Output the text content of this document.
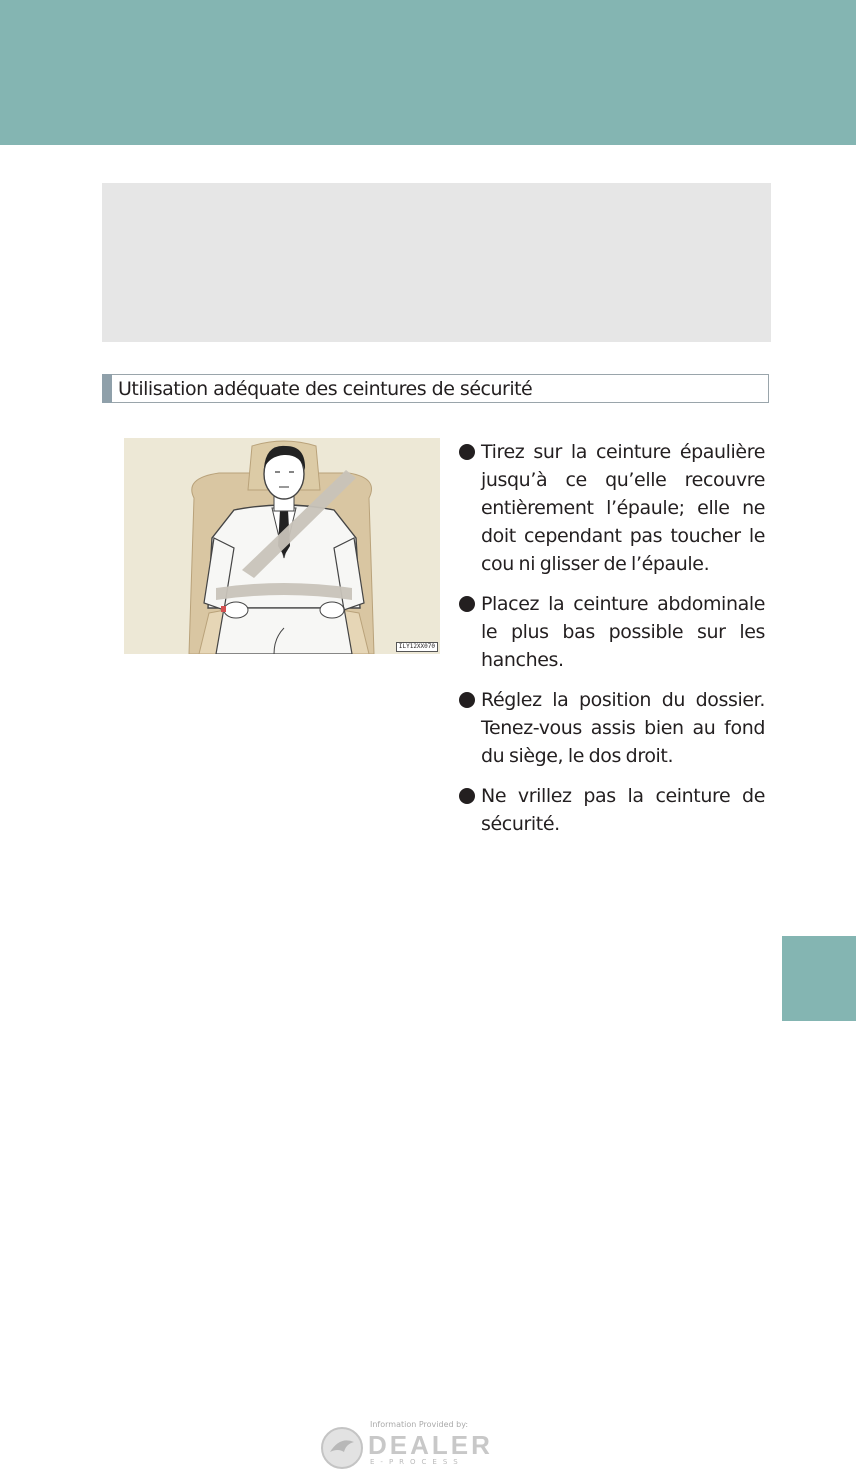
Utilisation adéquate des ceintures de sécurité
ILY12XX070
Tirez sur la ceinture épaulière jusqu’à ce qu’elle recouvre entièrement l’épaule; elle ne doit cependant pas toucher le cou ni glisser de l’épaule.
Placez la ceinture abdominale le plus bas possible sur les hanches.
Réglez la position du dossier. Tenez-vous assis bien au fond du siège, le dos droit.
Ne vrillez pas la ceinture de sécurité.
Information Provided by:
DEALER
E-PROCESS
